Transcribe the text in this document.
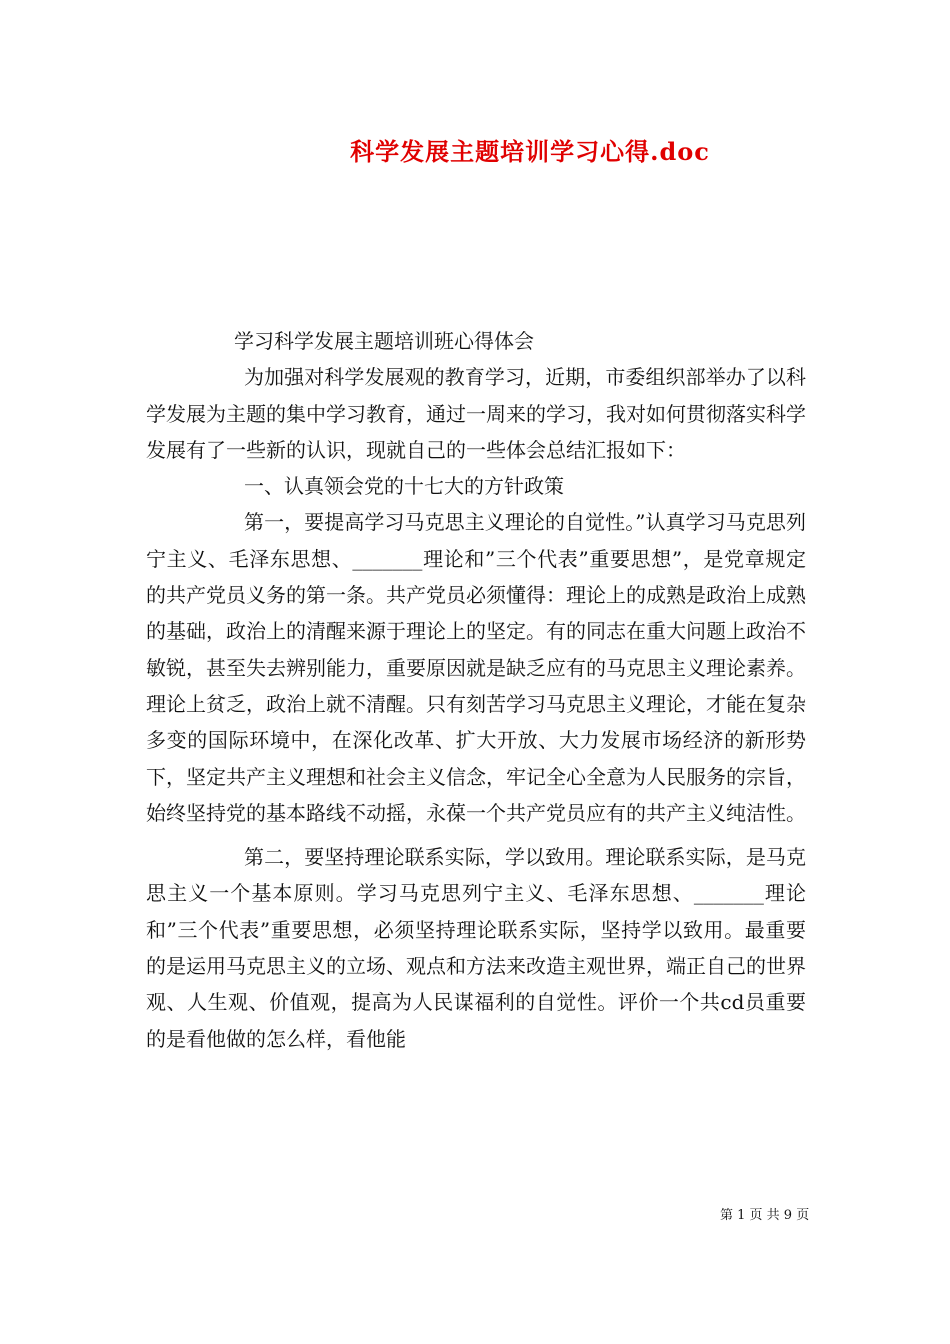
科学发展主题培训学习心得.doc

学习科学发展主题培训班心得体会

为加强对科学发展观的教育学习，近期，市委组织部举办了以科学发展为主题的集中学习教育，通过一周来的学习，我对如何贯彻落实科学发展有了一些新的认识，现就自己的一些体会总结汇报如下：

一、认真领会党的十七大的方针政策

第一，要提高学习马克思主义理论的自觉性。”认真学习马克思列宁主义、毛泽东思想、_______理论和”三个代表”重要思想”，是党章规定的共产党员义务的第一条。共产党员必须懂得：理论上的成熟是政治上成熟的基础，政治上的清醒来源于理论上的坚定。有的同志在重大问题上政治不敏锐，甚至失去辨别能力，重要原因就是缺乏应有的马克思主义理论素养。理论上贫乏，政治上就不清醒。只有刻苦学习马克思主义理论，才能在复杂多变的国际环境中，在深化改革、扩大开放、大力发展市场经济的新形势下，坚定共产主义理想和社会主义信念，牢记全心全意为人民服务的宗旨，始终坚持党的基本路线不动摇，永葆一个共产党员应有的共产主义纯洁性。

第二，要坚持理论联系实际，学以致用。理论联系实际，是马克思主义一个基本原则。学习马克思列宁主义、毛泽东思想、_______理论和”三个代表”重要思想，必须坚持理论联系实际，坚持学以致用。最重要的是运用马克思主义的立场、观点和方法来改造主观世界，端正自己的世界观、人生观、价值观，提高为人民谋福利的自觉性。评价一个共cd员重要的是看他做的怎么样，看他能

第 1 页 共 9 页
